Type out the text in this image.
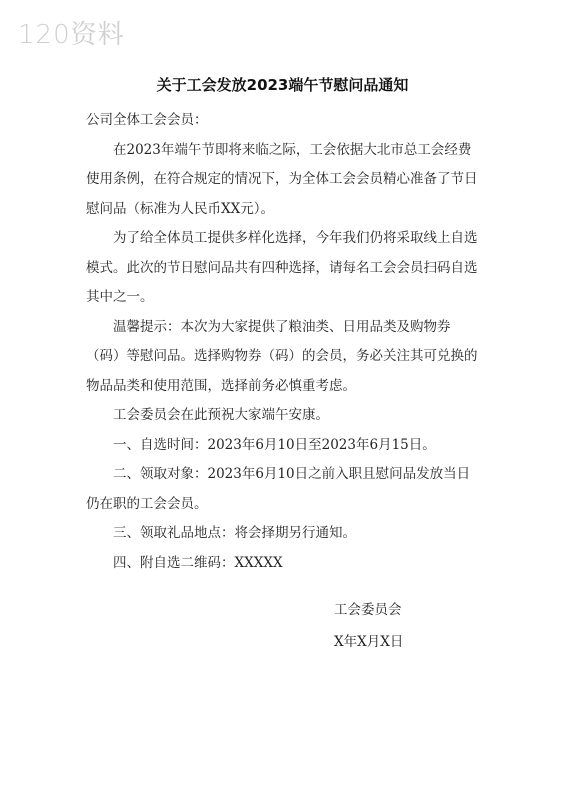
120资料
关于工会发放2023端午节慰问品通知

公司全体工会会员：

在2023年端午节即将来临之际，工会依据大北市总工会经费使用条例，在符合规定的情况下，为全体工会会员精心准备了节日慰问品（标准为人民币XX元）。

为了给全体员工提供多样化选择，今年我们仍将采取线上自选模式。此次的节日慰问品共有四种选择，请每名工会会员扫码自选其中之一。

温馨提示：本次为大家提供了粮油类、日用品类及购物券（码）等慰问品。选择购物券（码）的会员，务必关注其可兑换的物品品类和使用范围，选择前务必慎重考虑。

工会委员会在此预祝大家端午安康。

一、自选时间：2023年6月10日至2023年6月15日。

二、领取对象：2023年6月10日之前入职且慰问品发放当日仍在职的工会会员。

三、领取礼品地点：将会择期另行通知。

四、附自选二维码：XXXXX

工会委员会

X年X月X日
